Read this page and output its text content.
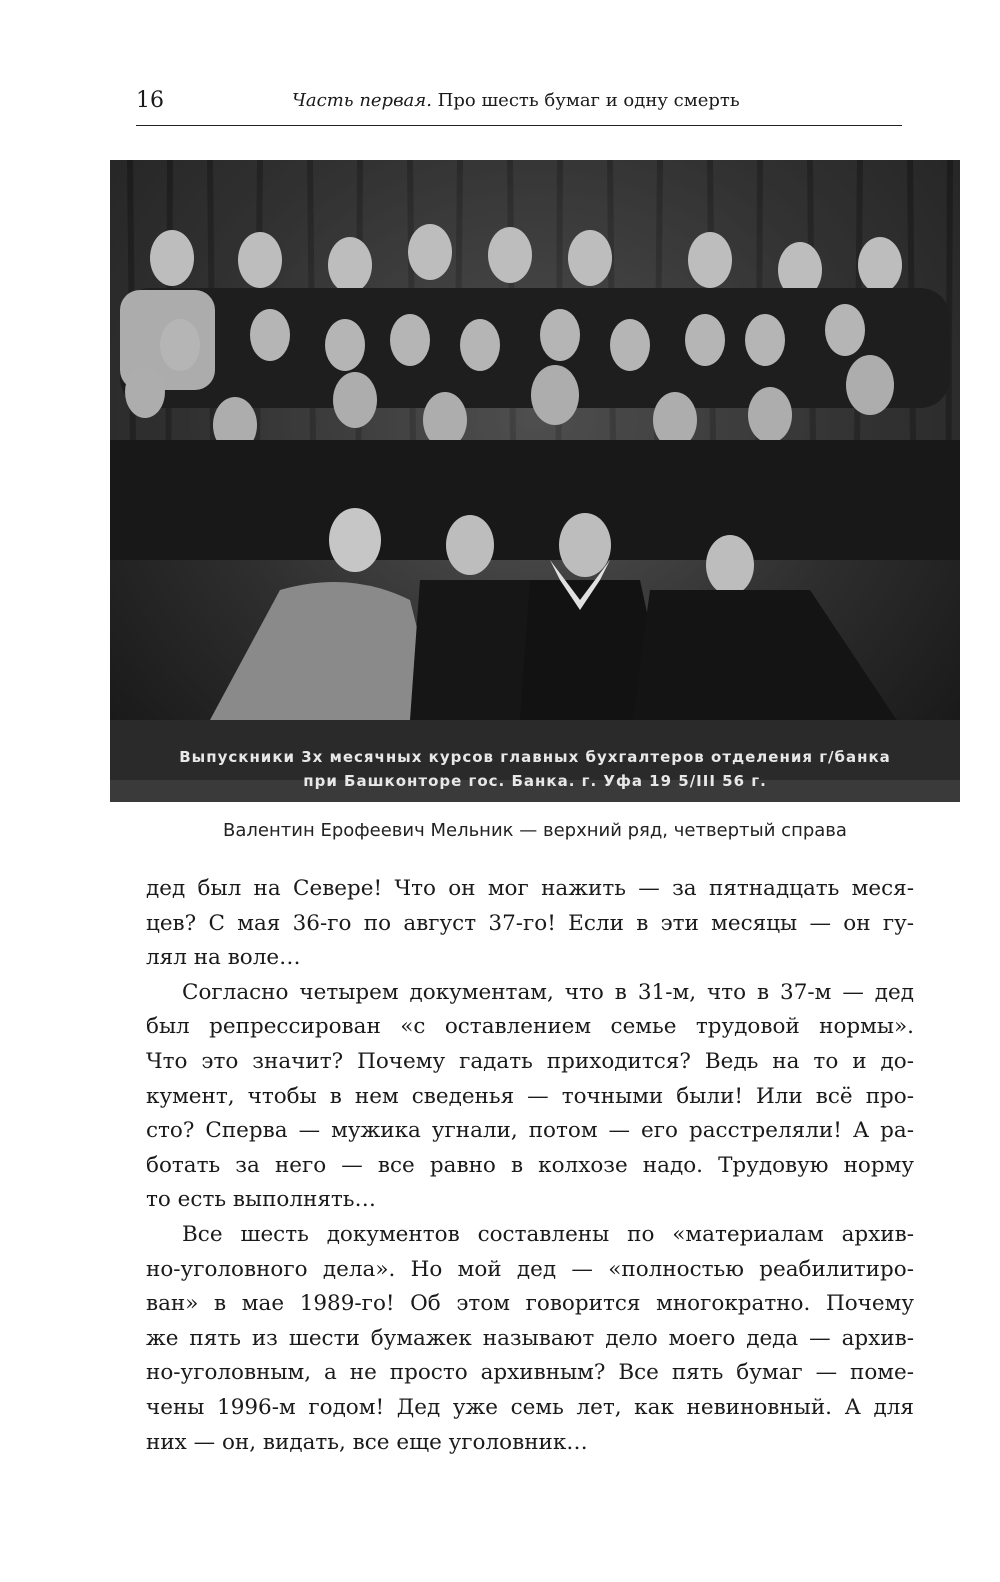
16	Часть первая. Про шесть бумаг и одну смерть
Выпускники 3х месячных курсов главных бухгалтеров отделения г/банка
при Башконторе гос. Банка. г. Уфа 19 5/III 56 г.
Валентин Ерофеевич Мельник — верхний ряд, четвертый справа
дед был на Севере! Что он мог нажить — за пятнадцать меся-
цев? С мая 36-го по август 37-го! Если в эти месяцы — он гу-
лял на воле…
Согласно четырем документам, что в 31-м, что в 37-м — дед
был репрессирован «с оставлением семье трудовой нормы».
Что это значит? Почему гадать приходится? Ведь на то и до-
кумент, чтобы в нем сведенья — точными были! Или всё про-
сто? Сперва — мужика угнали, потом — его расстреляли! А ра-
ботать за него — все равно в колхозе надо. Трудовую норму
то есть выполнять…
Все шесть документов составлены по «материалам архив-
но-уголовного дела». Но мой дед — «полностью реабилитиро-
ван» в мае 1989-го! Об этом говорится многократно. Почему
же пять из шести бумажек называют дело моего деда — архив-
но-уголовным, а не просто архивным? Все пять бумаг — поме-
чены 1996-м годом! Дед уже семь лет, как невиновный. А для
них — он, видать, все еще уголовник…
